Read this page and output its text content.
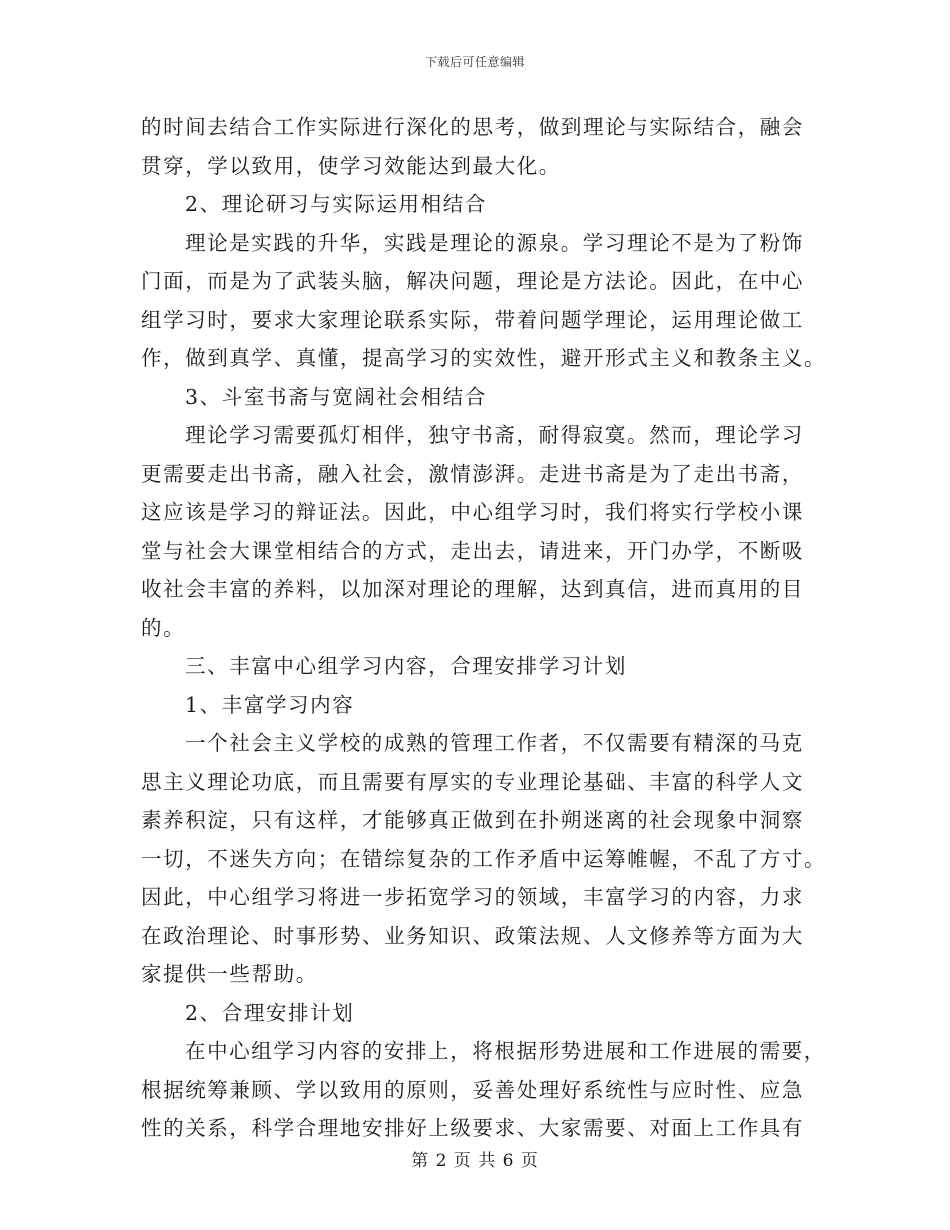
下载后可任意编辑
的时间去结合工作实际进行深化的思考，做到理论与实际结合，融会
贯穿，学以致用，使学习效能达到最大化。
2、理论研习与实际运用相结合
理论是实践的升华，实践是理论的源泉。学习理论不是为了粉饰
门面，而是为了武装头脑，解决问题，理论是方法论。因此，在中心
组学习时，要求大家理论联系实际，带着问题学理论，运用理论做工
作，做到真学、真懂，提高学习的实效性，避开形式主义和教条主义。
3、斗室书斋与宽阔社会相结合
理论学习需要孤灯相伴，独守书斋，耐得寂寞。然而，理论学习
更需要走出书斋，融入社会，激情澎湃。走进书斋是为了走出书斋，
这应该是学习的辩证法。因此，中心组学习时，我们将实行学校小课
堂与社会大课堂相结合的方式，走出去，请进来，开门办学，不断吸
收社会丰富的养料，以加深对理论的理解，达到真信，进而真用的目
的。
三、丰富中心组学习内容，合理安排学习计划
1、丰富学习内容
一个社会主义学校的成熟的管理工作者，不仅需要有精深的马克
思主义理论功底，而且需要有厚实的专业理论基础、丰富的科学人文
素养积淀，只有这样，才能够真正做到在扑朔迷离的社会现象中洞察
一切，不迷失方向；在错综复杂的工作矛盾中运筹帷幄，不乱了方寸。
因此，中心组学习将进一步拓宽学习的领域，丰富学习的内容，力求
在政治理论、时事形势、业务知识、政策法规、人文修养等方面为大
家提供一些帮助。
2、合理安排计划
在中心组学习内容的安排上，将根据形势进展和工作进展的需要，
根据统筹兼顾、学以致用的原则，妥善处理好系统性与应时性、应急
性的关系，科学合理地安排好上级要求、大家需要、对面上工作具有
第 2 页 共 6 页
